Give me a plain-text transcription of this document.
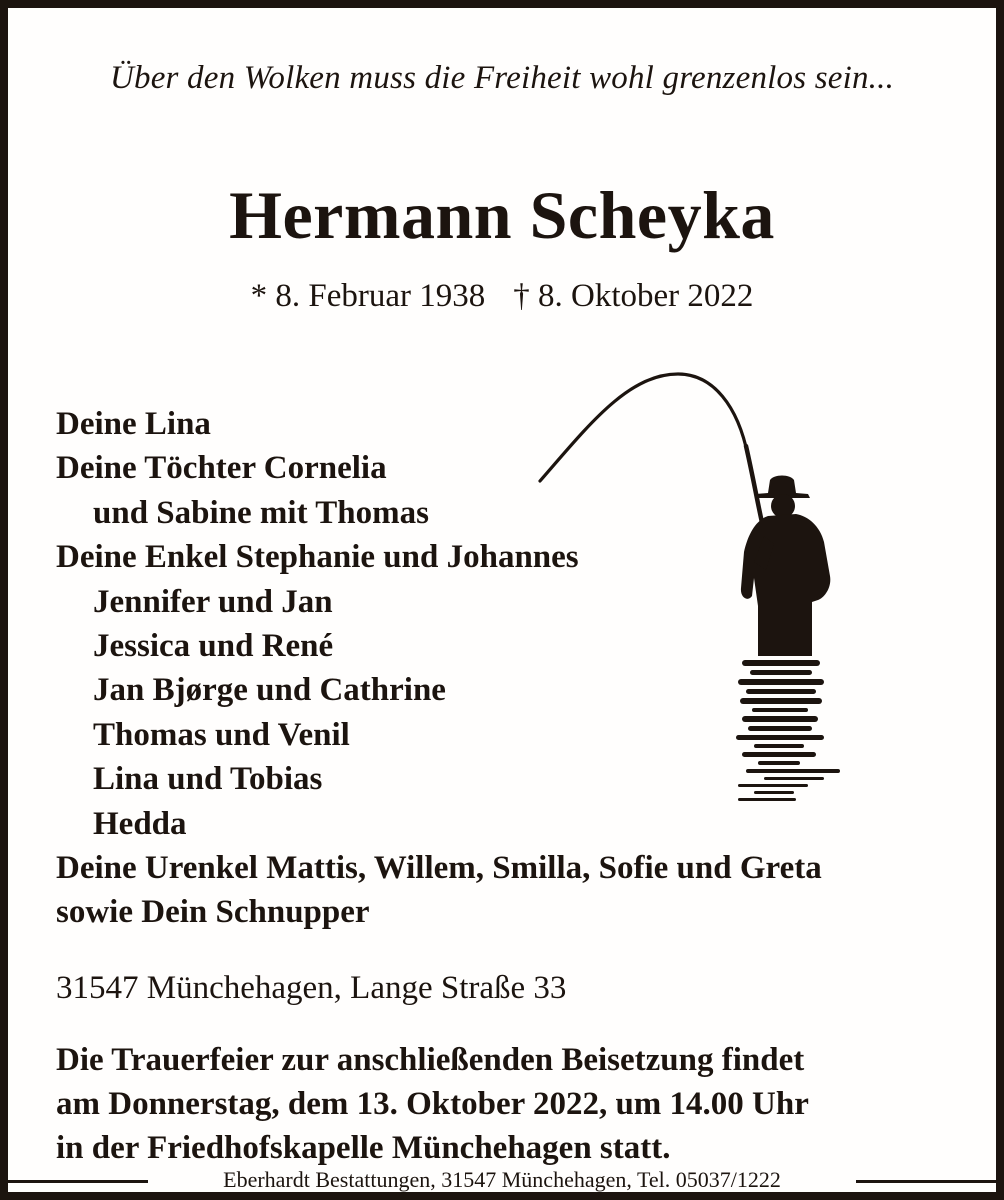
Über den Wolken muss die Freiheit wohl grenzenlos sein...
Hermann Scheyka
* 8. Februar 1938 † 8. Oktober 2022
Deine Lina
Deine Töchter Cornelia
und Sabine mit Thomas
Deine Enkel Stephanie und Johannes
Jennifer und Jan
Jessica und René
Jan Bjørge und Cathrine
Thomas und Venil
Lina und Tobias
Hedda
Deine Urenkel Mattis, Willem, Smilla, Sofie und Greta
sowie Dein Schnupper
31547 Münchehagen, Lange Straße 33
Die Trauerfeier zur anschließenden Beisetzung findet
am Donnerstag, dem 13. Oktober 2022, um 14.00 Uhr
in der Friedhofskapelle Münchehagen statt.
Eberhardt Bestattungen, 31547 Münchehagen, Tel. 05037/1222
